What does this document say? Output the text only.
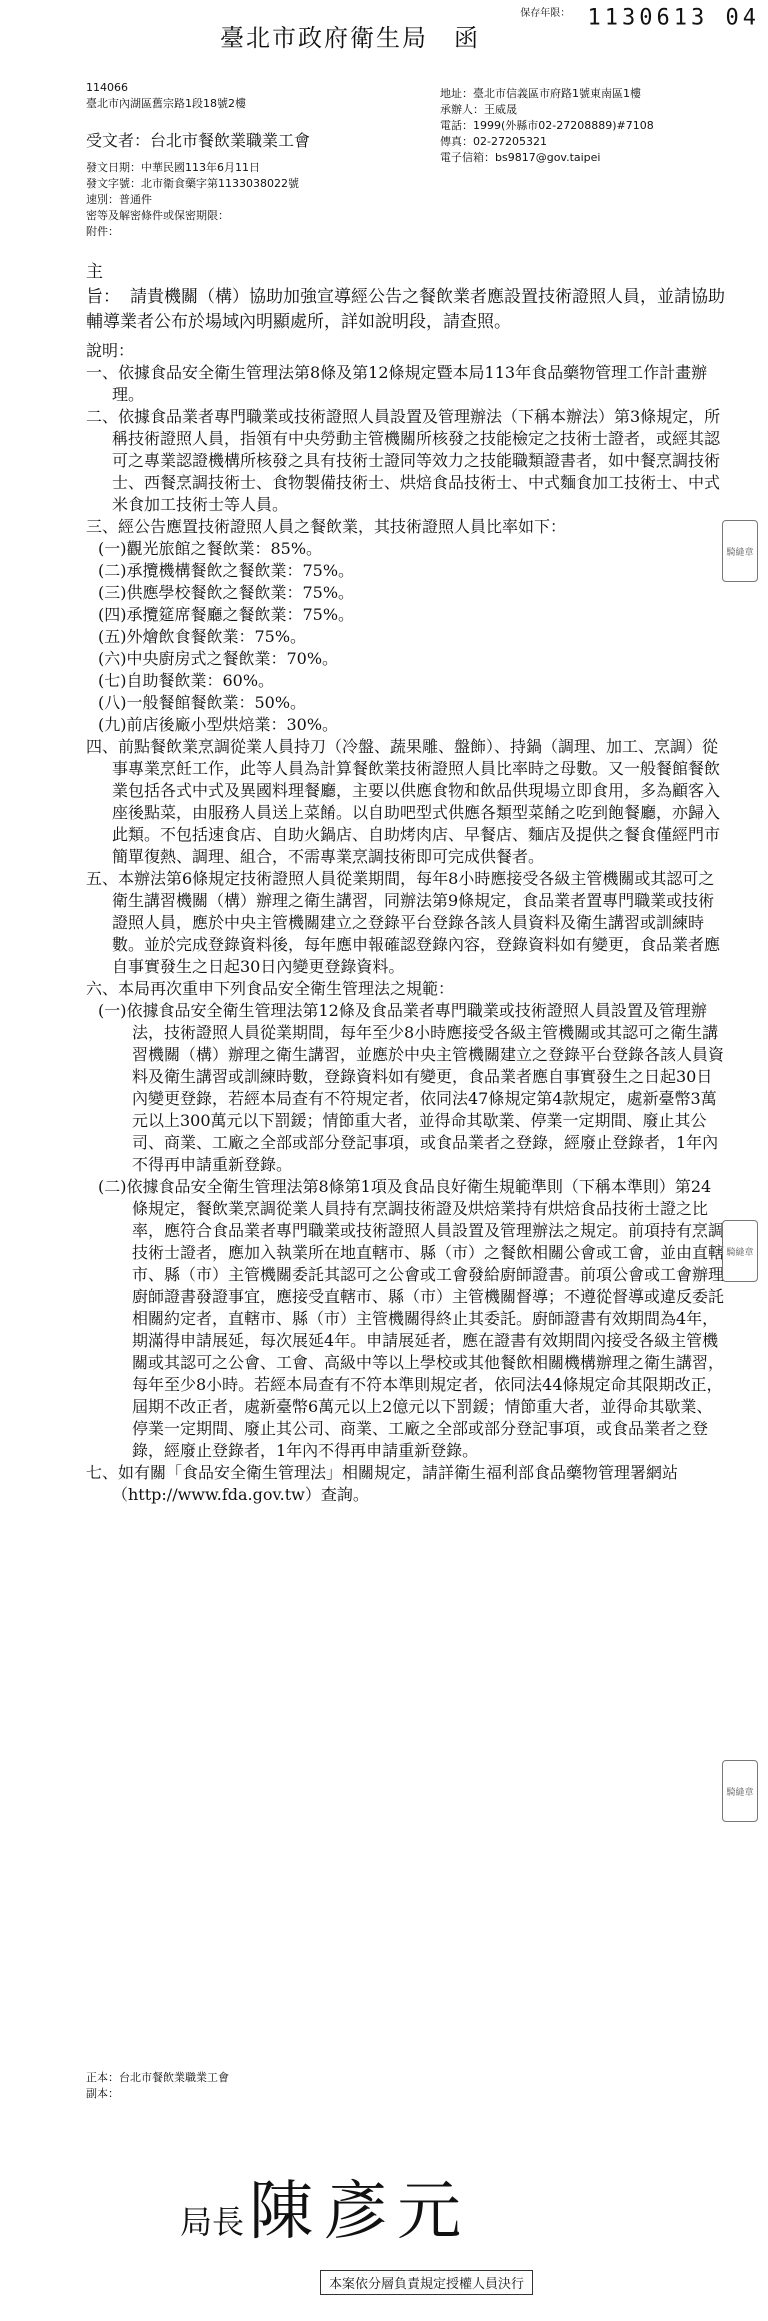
$^{保存年限:}$ 1130613 04
臺北市政府衛生局　函
114066
臺北市內湖區舊宗路1段18號2樓
地址：臺北市信義區市府路1號東南區1樓
承辦人：王威晟
電話：1999(外縣市02-27208889)#7108
傳真：02-27205321
電子信箱：bs9817@gov.taipei
受文者：台北市餐飲業職業工會
發文日期：中華民國113年6月11日
發文字號：北市衛食藥字第1133038022號
速別：普通件
密等及解密條件或保密期限：
附件：
主旨： 請貴機關（構）協助加強宣導經公告之餐飲業者應設置技術證照人員，並請協助輔導業者公布於場域內明顯處所，詳如說明段，請查照。
說明：
一、依據食品安全衛生管理法第8條及第12條規定暨本局113年食品藥物管理工作計畫辦理。
二、依據食品業者專門職業或技術證照人員設置及管理辦法（下稱本辦法）第3條規定，所稱技術證照人員，指領有中央勞動主管機關所核發之技能檢定之技術士證者，或經其認可之專業認證機構所核發之具有技術士證同等效力之技能職類證書者，如中餐烹調技術士、西餐烹調技術士、食物製備技術士、烘焙食品技術士、中式麵食加工技術士、中式米食加工技術士等人員。
三、經公告應置技術證照人員之餐飲業，其技術證照人員比率如下：
(一)觀光旅館之餐飲業：85%。
(二)承攬機構餐飲之餐飲業：75%。
(三)供應學校餐飲之餐飲業：75%。
(四)承攬筵席餐廳之餐飲業：75%。
(五)外燴飲食餐飲業：75%。
(六)中央廚房式之餐飲業：70%。
(七)自助餐飲業：60%。
(八)一般餐館餐飲業：50%。
(九)前店後廠小型烘焙業：30%。
四、前點餐飲業烹調從業人員持刀（冷盤、蔬果雕、盤飾）、持鍋（調理、加工、烹調）從事專業烹飪工作，此等人員為計算餐飲業技術證照人員比率時之母數。又一般餐館餐飲業包括各式中式及異國料理餐廳，主要以供應食物和飲品供現場立即食用，多為顧客入座後點菜，由服務人員送上菜餚。以自助吧型式供應各類型菜餚之吃到飽餐廳，亦歸入此類。不包括速食店、自助火鍋店、自助烤肉店、早餐店、麵店及提供之餐食僅經門市簡單復熱、調理、組合，不需專業烹調技術即可完成供餐者。
五、本辦法第6條規定技術證照人員從業期間，每年8小時應接受各級主管機關或其認可之衛生講習機關（構）辦理之衛生講習，同辦法第9條規定，食品業者置專門職業或技術證照人員，應於中央主管機關建立之登錄平台登錄各該人員資料及衛生講習或訓練時數。並於完成登錄資料後，每年應申報確認登錄內容，登錄資料如有變更，食品業者應自事實發生之日起30日內變更登錄資料。
六、本局再次重申下列食品安全衛生管理法之規範：
(一)依據食品安全衛生管理法第12條及食品業者專門職業或技術證照人員設置及管理辦法，技術證照人員從業期間，每年至少8小時應接受各級主管機關或其認可之衛生講習機關（構）辦理之衛生講習，並應於中央主管機關建立之登錄平台登錄各該人員資料及衛生講習或訓練時數，登錄資料如有變更，食品業者應自事實發生之日起30日內變更登錄，若經本局查有不符規定者，依同法47條規定第4款規定，處新臺幣3萬元以上300萬元以下罰鍰；情節重大者，並得命其歇業、停業一定期間、廢止其公司、商業、工廠之全部或部分登記事項，或食品業者之登錄，經廢止登錄者，1年內不得再申請重新登錄。
(二)依據食品安全衛生管理法第8條第1項及食品良好衛生規範準則（下稱本準則）第24條規定，餐飲業烹調從業人員持有烹調技術證及烘焙業持有烘焙食品技術士證之比率，應符合食品業者專門職業或技術證照人員設置及管理辦法之規定。前項持有烹調技術士證者，應加入執業所在地直轄市、縣（市）之餐飲相關公會或工會，並由直轄市、縣（市）主管機關委託其認可之公會或工會發給廚師證書。前項公會或工會辦理廚師證書發證事宜，應接受直轄市、縣（市）主管機關督導；不遵從督導或違反委託相關約定者，直轄市、縣（市）主管機關得終止其委託。廚師證書有效期間為4年，期滿得申請展延，每次展延4年。申請展延者，應在證書有效期間內接受各級主管機關或其認可之公會、工會、高級中等以上學校或其他餐飲相關機構辦理之衛生講習，每年至少8小時。若經本局查有不符本準則規定者，依同法44條規定命其限期改正，屆期不改正者，處新臺幣6萬元以上2億元以下罰鍰；情節重大者，並得命其歇業、停業一定期間、廢止其公司、商業、工廠之全部或部分登記事項，或食品業者之登錄，經廢止登錄者，1年內不得再申請重新登錄。
七、如有關「食品安全衛生管理法」相關規定，請詳衛生福利部食品藥物管理署網站（http://www.fda.gov.tw）查詢。
正本：台北市餐飲業職業工會
副本：
局長 陳彥元
本案依分層負責規定授權人員決行
騎縫章
騎縫章
騎縫章
